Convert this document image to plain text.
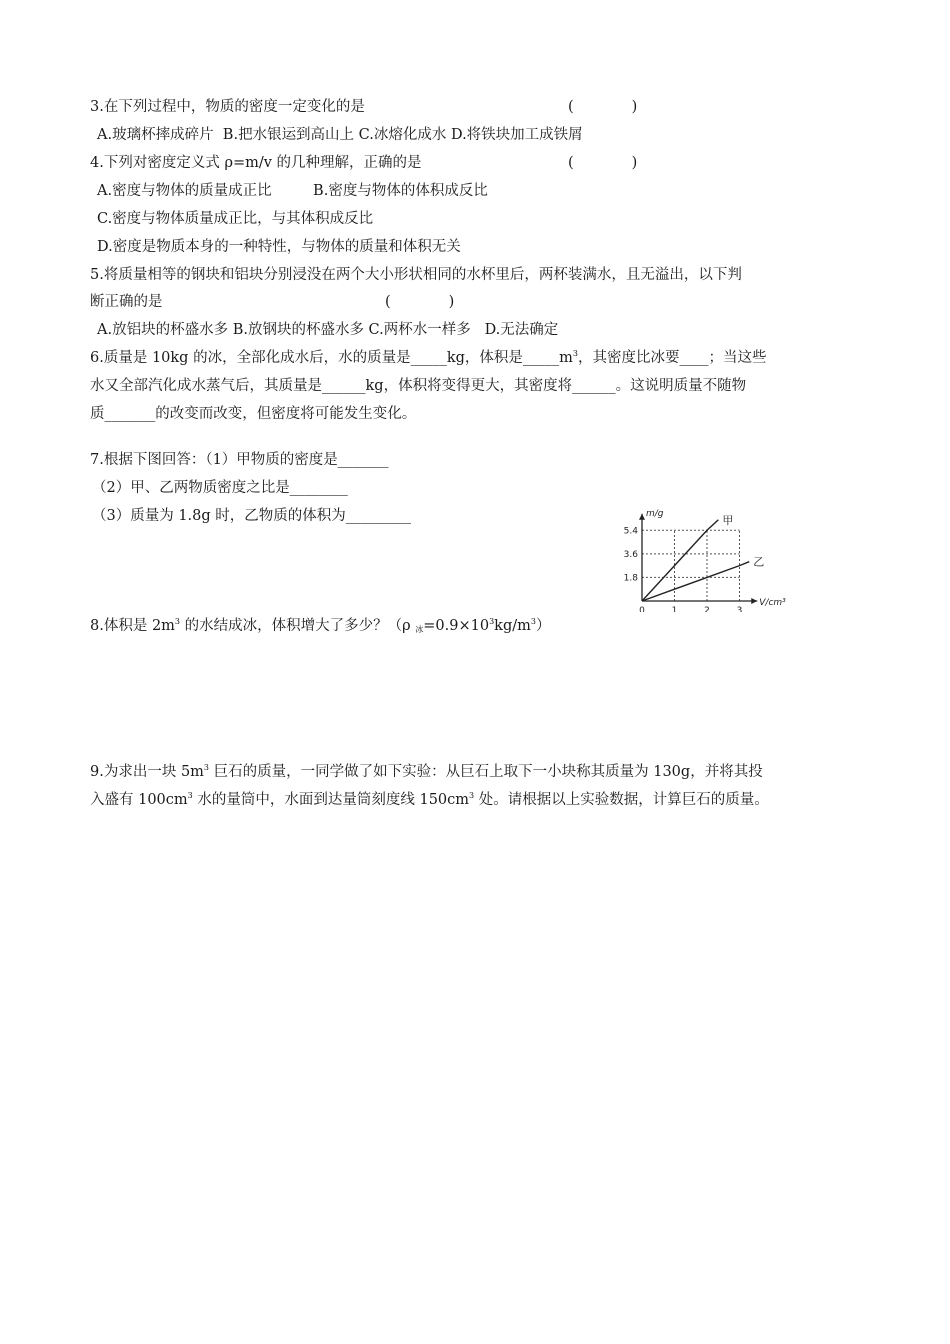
3.在下列过程中，物质的密度一定变化的是	(　　　　)
A.玻璃杯摔成碎片  B.把水银运到高山上 C.冰熔化成水 D.将铁块加工成铁屑
4.下列对密度定义式 ρ=m/v 的几种理解，正确的是	(　　　　)
A.密度与物体的质量成正比         B.密度与物体的体积成反比
C.密度与物体质量成正比，与其体积成反比
D.密度是物质本身的一种特性，与物体的质量和体积无关
5.将质量相等的钢块和铝块分别浸没在两个大小形状相同的水杯里后，两杯装满水，且无溢出，以下判
断正确的是	(　　　　)
A.放铝块的杯盛水多 B.放钢块的杯盛水多 C.两杯水一样多   D.无法确定
6.质量是 10kg 的冰，全部化成水后，水的质量是_____kg，体积是$\_\_\_\_\_m^3$，其密度比冰要____；当这些
水又全部汽化成水蒸气后，其质量是______kg，体积将变得更大，其密度将______。这说明质量不随物
质_______的改变而改变，但密度将可能发生变化。
7.根据下图回答：（1）甲物质的密度是_______
（2）甲、乙两物质密度之比是________
（3）质量为 1.8g 时，乙物质的体积为_________	甲
乙
0	1	2	3
1.8
3.6
5.4
m/g
V/cm³
8.体积是 $2m^3$ 的水结成冰，体积增大了多少？（ρ $_冰=0.9\times 10^3kg/m^3$）
9.为求出一块 $5m^3$ 巨石的质量，一同学做了如下实验：从巨石上取下一小块称其质量为 130g，并将其投
入盛有 $100cm^3$ 水的量筒中，水面到达量筒刻度线 $150cm^3$ 处。请根据以上实验数据，计算巨石的质量。
